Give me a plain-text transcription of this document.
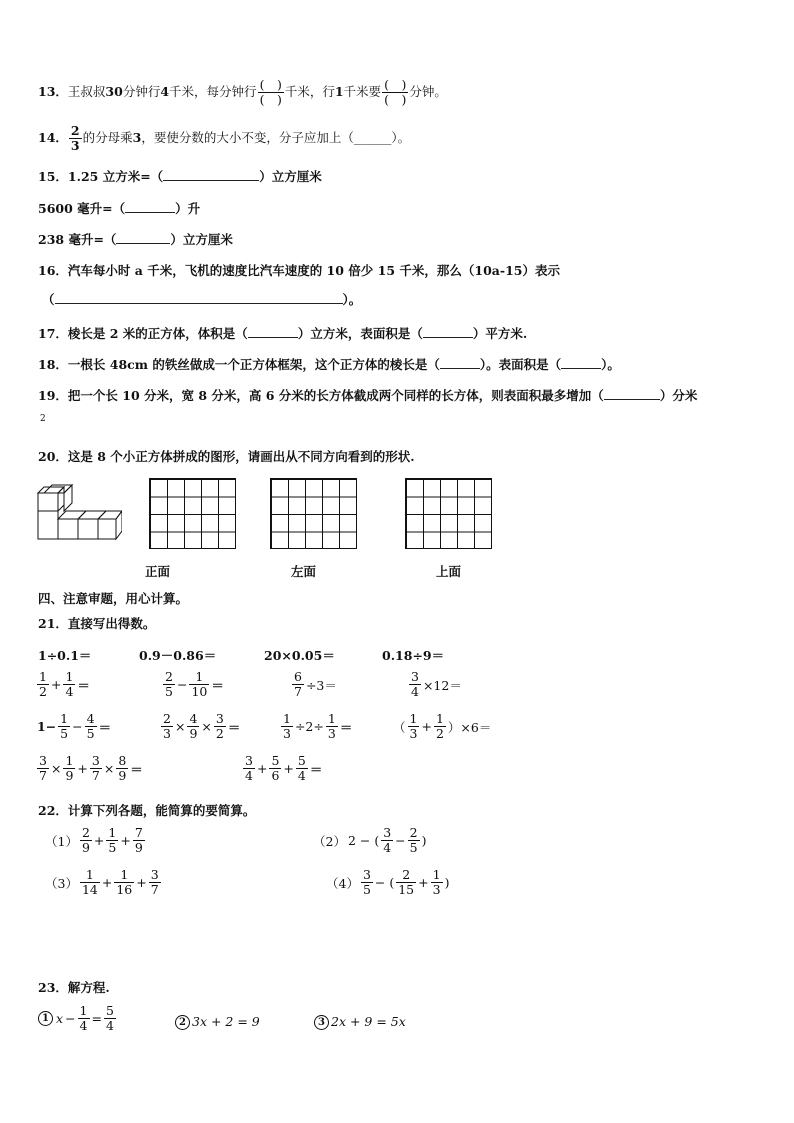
13．王叔叔30分钟行4千米，每分钟行 $\frac{( )}{( )}$ 千米，行1千米要 $\frac{( )}{( )}$ 分钟。
14． $\frac{2}{3}$ 的分母乘3，要使分数的大小不变，分子应加上（______）。
15．1.25 立方米=（	）立方厘米
5600 毫升=（	）升
238 毫升=（	）立方厘米
16．汽车每小时 a 千米，飞机的速度比汽车速度的 10 倍少 15 千米，那么（10a-15）表示
（	）。
17．棱长是 2 米的正方体，体积是（	）立方米，表面积是（	）平方米.
18．一根长 48cm 的铁丝做成一个正方体框架，这个正方体的棱长是（	）。表面积是（	）。
19．把一个长 10 分米，宽 8 分米，高 6 分米的长方体截成两个同样的长方体，则表面积最多增加（	）分米
2
20．这是 8 个小正方体拼成的图形，请画出从不同方向看到的形状.
正面	左面	上面
四、注意审题，用心计算。
21．直接写出得数。
1÷0.1＝	0.9－0.86＝	20×0.05＝	0.18÷9＝
$\frac{1}{2} + \frac{1}{4}$ ＝	$\frac{2}{5} - \frac{1}{10}$ ＝	$\frac{6}{7} \div 3=$	$\frac{3}{4} \times 12=$
$1- \frac{1}{5} - \frac{4}{5}$ ＝	$\frac{2}{3} \times \frac{4}{9} \times \frac{3}{2}$ ＝	$\frac{1}{3} \div 2\div \frac{1}{3}$ ＝	（ $\frac{1}{3} + \frac{1}{2} )\times 6=$
$\frac{3}{7} \times \frac{1}{9} + \frac{3}{7} \times \frac{8}{9}$ ＝	$\frac{3}{4} + \frac{5}{6} + \frac{5}{4}$ ＝
22．计算下列各题，能简算的要简算。
$(1) \frac{2}{9} + \frac{1}{5} + \frac{7}{9}$	（2） 2 − ( $\frac{3}{4} - \frac{2}{5}$ )
$(3) \frac{1}{14} + \frac{1}{16} + \frac{3}{7}$	$(4) \frac{3}{5}$ − ( $\frac{2}{15} + \frac{1}{3}$ )
23．解方程.
1 $x - \frac{1}{4} = \frac{5}{4}$	2 3x + 2 = 9	3 2x + 9 = 5x
